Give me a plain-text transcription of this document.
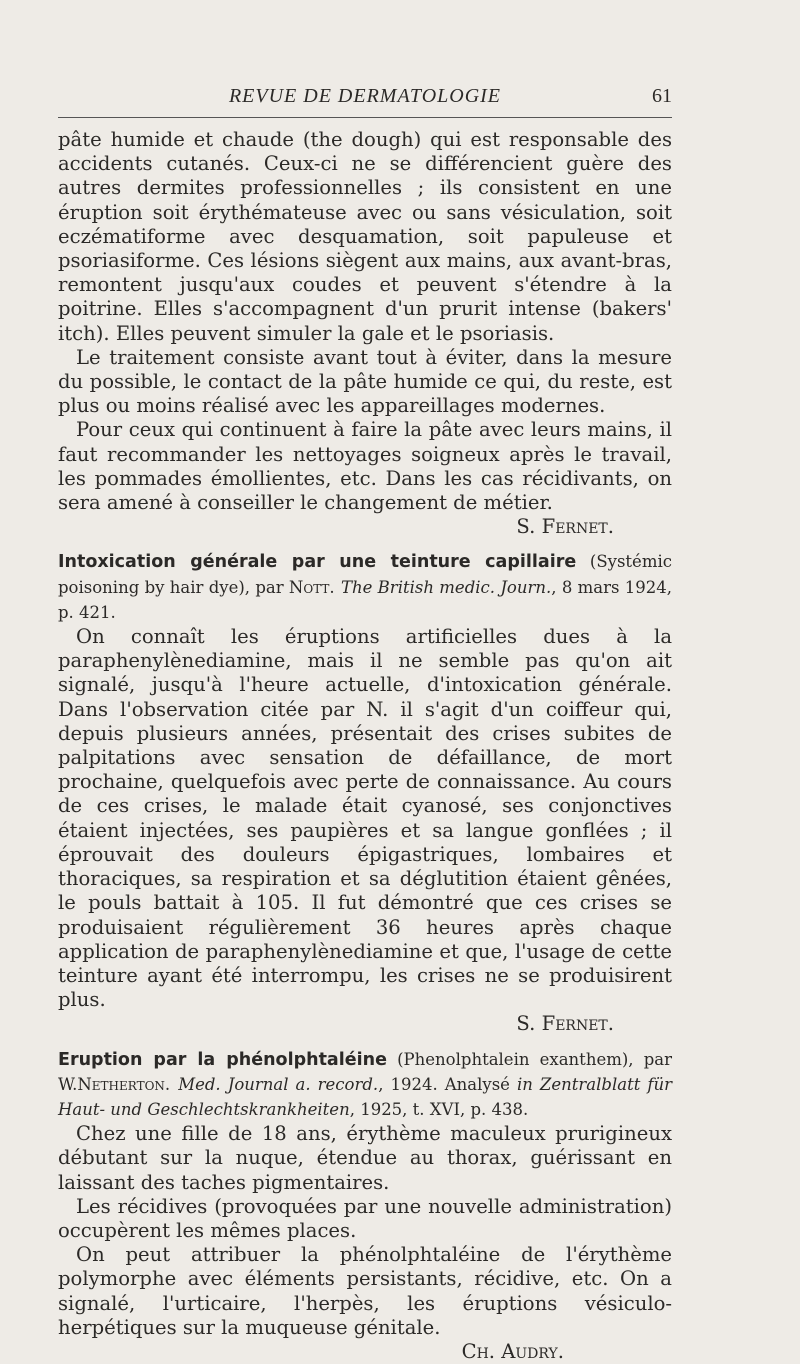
REVUE DE DERMATOLOGIE	61

pâte humide et chaude (the dough) qui est responsable des accidents cutanés. Ceux-ci ne se différencient guère des autres dermites professionnelles ; ils consistent en une éruption soit érythémateuse avec ou sans vésiculation, soit eczématiforme avec desquamation, soit papuleuse et psoriasiforme. Ces lésions siègent aux mains, aux avant-bras, remontent jusqu'aux coudes et peuvent s'étendre à la poitrine. Elles s'accompagnent d'un prurit intense (bakers' itch). Elles peuvent simuler la gale et le psoriasis.

Le traitement consiste avant tout à éviter, dans la mesure du possible, le contact de la pâte humide ce qui, du reste, est plus ou moins réalisé avec les appareillages modernes.

Pour ceux qui continuent à faire la pâte avec leurs mains, il faut recommander les nettoyages soigneux après le travail, les pommades émollientes, etc. Dans les cas récidivants, on sera amené à conseiller le changement de métier.

S. Fernet.

Intoxication générale par une teinture capillaire (Systémic poisoning by hair dye), par Nott. The British medic. Journ., 8 mars 1924, p. 421.

On connaît les éruptions artificielles dues à la paraphenylènediamine, mais il ne semble pas qu'on ait signalé, jusqu'à l'heure actuelle, d'intoxication générale. Dans l'observation citée par N. il s'agit d'un coiffeur qui, depuis plusieurs années, présentait des crises subites de palpitations avec sensation de défaillance, de mort prochaine, quelquefois avec perte de connaissance. Au cours de ces crises, le malade était cyanosé, ses conjonctives étaient injectées, ses paupières et sa langue gonflées ; il éprouvait des douleurs épigastriques, lombaires et thoraciques, sa respiration et sa déglutition étaient gênées, le pouls battait à 105. Il fut démontré que ces crises se produisaient régulièrement 36 heures après chaque application de paraphenylènediamine et que, l'usage de cette teinture ayant été interrompu, les crises ne se produisirent plus.

S. Fernet.

Eruption par la phénolphtaléine (Phenolphtalein exanthem), par W.Netherton. Med. Journal a. record., 1924. Analysé in Zentralblatt für Haut- und Geschlechtskrankheiten, 1925, t. XVI, p. 438.

Chez une fille de 18 ans, érythème maculeux prurigineux débutant sur la nuque, étendue au thorax, guérissant en laissant des taches pigmentaires.

Les récidives (provoquées par une nouvelle administration) occupèrent les mêmes places.

On peut attribuer la phénolphtaléine de l'érythème polymorphe avec éléments persistants, récidive, etc. On a signalé, l'urticaire, l'herpès, les éruptions vésiculo-herpétiques sur la muqueuse génitale.

Ch. Audry.
